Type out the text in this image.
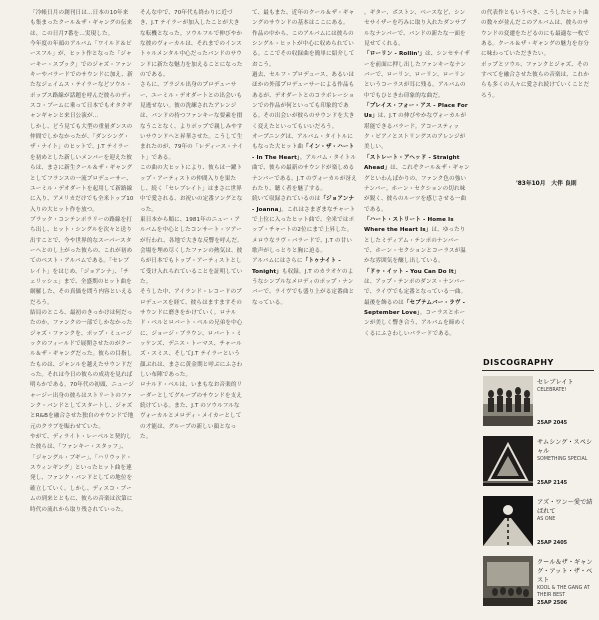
「冷帳日月の創刊日は…日本の10年来も集まったクール＆ザ・ギャングの伝来は、この日月7番を…実現した。

今年度の年頭のアルバム「ワイルド＆ピースフル」が、ヒット作となった「ジャーキー・スプック」でのジャズ・ファンキーやバラードでのサウンドに加え、新たなジェイムス・テイラーなどソウル・ポップス路線が話題を呼んだ彼らのディスコ・ブームに乗って日本でもオタクギャンギャンと来日公演が…

しかし、どう見ても大型の重量ダンスの仲間でしかなかったが、「ダンシング・ザ・ナイト」のヒットで、J.T テイラーを初めとした新しいメンバーを迎えた彼らは、まさに新生クール＆ザ・ギャングとしてフランスの一流プロデューサー、ユーミル・デオダートを起用して新路線に入り、アメリカだけでも全米トップ10入りの大ヒット作を放つ。

ブラック・コンテンポラリーの路線を打ち出し、ヒット・シングルを次々と送り出すことで、今や世界的なスーパースターへとのし上がった彼らの、これが初めてのベスト・アルバムである。「セレブレイト」をはじめ、「ジョアンナ」、「チェリッシュ」まで、全盛期のヒット曲を網羅した、その真価を問う内容といえるだろう。

結局のところ、最初のきっかけは何だったのか。ファンクの一部でしかなかったジャズ・ファンクを、ポップ・ミュージックのフィールドで展開させたのがクール＆ザ・ギャングだった。彼らの目指したものは、ジャンルを越えたサウンドだった。それは今日の彼らの成功を見れば明らかである。70年代の初頭、ニュージャージー出身の彼らはストリートのファンク・バンドとしてスタートし、ジャズとR&Bを融合させた独自のサウンドで地元のクラブを賑わせていた。

やがて、ディライト・レーベルと契約した彼らは、「ファンキー・スタッフ」、「ジャングル・ブギー」、「ハリウッド・スウィンギング」といったヒット曲を連発し、ファンク・バンドとしての地位を確立していく。しかし、ディスコ・ブームの到来とともに、彼らの音楽は次第に時代の流れから取り残されていった。

そんな中で、70年代も終わりに近づき、J.T テイラーが加入したことが大きな転機となった。ソウルフルで伸びやかな彼のヴォーカルは、それまでのインストゥルメンタル中心だったバンドのサウンドに新たな魅力を加えることになったのである。

さらに、ブラジル出身のプロデューサー、ユーミル・デオダートとの出会いも見逃せない。彼の洗練されたアレンジは、バンドの持つファンキーな要素を損なうことなく、よりポップで親しみやすいサウンドへと昇華させた。こうして生まれたのが、79年の「レディース・ナイト」である。

この曲の大ヒットにより、彼らは一躍トップ・アーティストの仲間入りを果たし、続く「セレブレイト」はまさに世界中で愛される、お祝いの定番ソングとなった。

東日本から順に、1981年のニュー・アルバムを中心としたコンサート・ツアーが行われ、各地で大きな反響を呼んだ。会場を埋め尽くしたファンの熱気は、彼らが日本でもトップ・アーティストとして受け入れられていることを証明していた。

そうした中、アイランド・レコードのプロデュースを経て、彼らはますますそのサウンドに磨きをかけていく。ロナルド・ベルとロバート・ベルの兄弟を中心に、ジョージ・ブラウン、ロバート・ミッケンズ、デニス・トーマス、チャールズ・スミス、そしてJ.T テイラーという顔ぶれは、まさに黄金期と呼ぶにふさわしい布陣であった。

ロナルド・ベルは、いまもなお音楽的リーダーとしてグループのサウンドを支え続けている。また、J.T のソウルフルなヴォーカルとメロディ・メイカーとしての才能は、グループの新しい顔となった。

て、最もまた、近年のクール＆ザ・ギャングのサウンドの基本はここにある。

作品の中から、このアルバムには彼らのシングル・ヒットが中心に収められている。ここでその収録曲を簡単に紹介しておこう。

過去、セルフ・プロデュース、あるいはほかの外部プロデューサーによる作品もあるが、デオダートとのコラボレーションでの作品が何といっても印象的である。その出会いが彼らのサウンドを大きく変えたといってもいいだろう。

オープニングは、アルバム・タイトルにもなった大ヒット曲「イン・ザ・ハート - In The Heart」。アルバム・タイトル曲で、彼らの最新のサウンドが楽しめるナンバーである。J.T のヴォーカルが冴えわたり、聴く者を魅了する。

続いて収録されているのは「ジョアンナ - Joanna」。これはさまざまなチャートで上位に入ったヒット曲で、全米ではポップ・チャートの2位にまで上昇した。メロウなラヴ・バラードで、J.T の甘い歌声がしっとりと胸に迫る。

アルバムにはさらに「トゥナイト - Tonight」も収録。J.T のカラオケのようなシンプルなメロディのポップ・ナンバーで、ライヴでも盛り上がる定番曲となっている。

。ギター、ボストン、ベースなど、シンセサイザーを巧みに取り入れたダンサブルなナンバーで、バンドの新たな一面を見せてくれる。

「ローリン - Rollin'」は、シンセサイザーを前面に押し出したファンキーなナンバーで、ローリン、ローリン、ローリンというコーラスが耳に残る。アルバムの中でもひときわ印象的な曲だ。

「プレイス・フォー・アス - Place For Us」は、J.T の伸びやかなヴォーカルが堪能できるバラード。アコースティック・ピアノとストリングスのアレンジが美しい。

「ストレート・アヘッド - Straight Ahead」は、これぞクール＆ザ・ギャングといわんばかりの、ファンク色の強いナンバー。ホーン・セクションの切れ味が鋭く、彼らのルーツを感じさせる一曲である。

「ハート・ストリート - Home Is Where the Heart Is」は、ゆったりとしたミディアム・テンポのナンバーで、ホーン・セクションとコーラスが温かな雰囲気を醸し出している。

「ドゥ・イット - You Can Do It」は、アップ・テンポのダンス・ナンバーで、ライヴでも定番となっている一曲。

最後を飾るのは「セプテムバー・ラヴ - September Love」。コーラスとホーンが美しく響き合う、アルバムを締めくくるにふさわしいバラードである。

の代表作ともいうべき、こうしたヒット曲の数々が並んだこのアルバムは、彼らのサウンドの変遷をたどるのにも最適な一枚である。クール＆ザ・ギャングの魅力を存分に味わっていただきたい。

ポップとソウル、ファンクとジャズ、そのすべてを融合させた彼らの音楽は、これからも多くの人々に愛され続けていくことだろう。

'83年10月　大伴 良則
DISCOGRAPHY
セレブレイト
CELEBRATE!
25AP 2045
サムシング・スペシャル
SOMETHING SPECIAL
25AP 2145
アズ・ワン〜愛で結ばれて
AS ONE
25AP 2405
クール＆ザ・ギャング・アット・ザ・ベスト
KOOL & THE GANG AT THEIR BEST
25AP 2506
